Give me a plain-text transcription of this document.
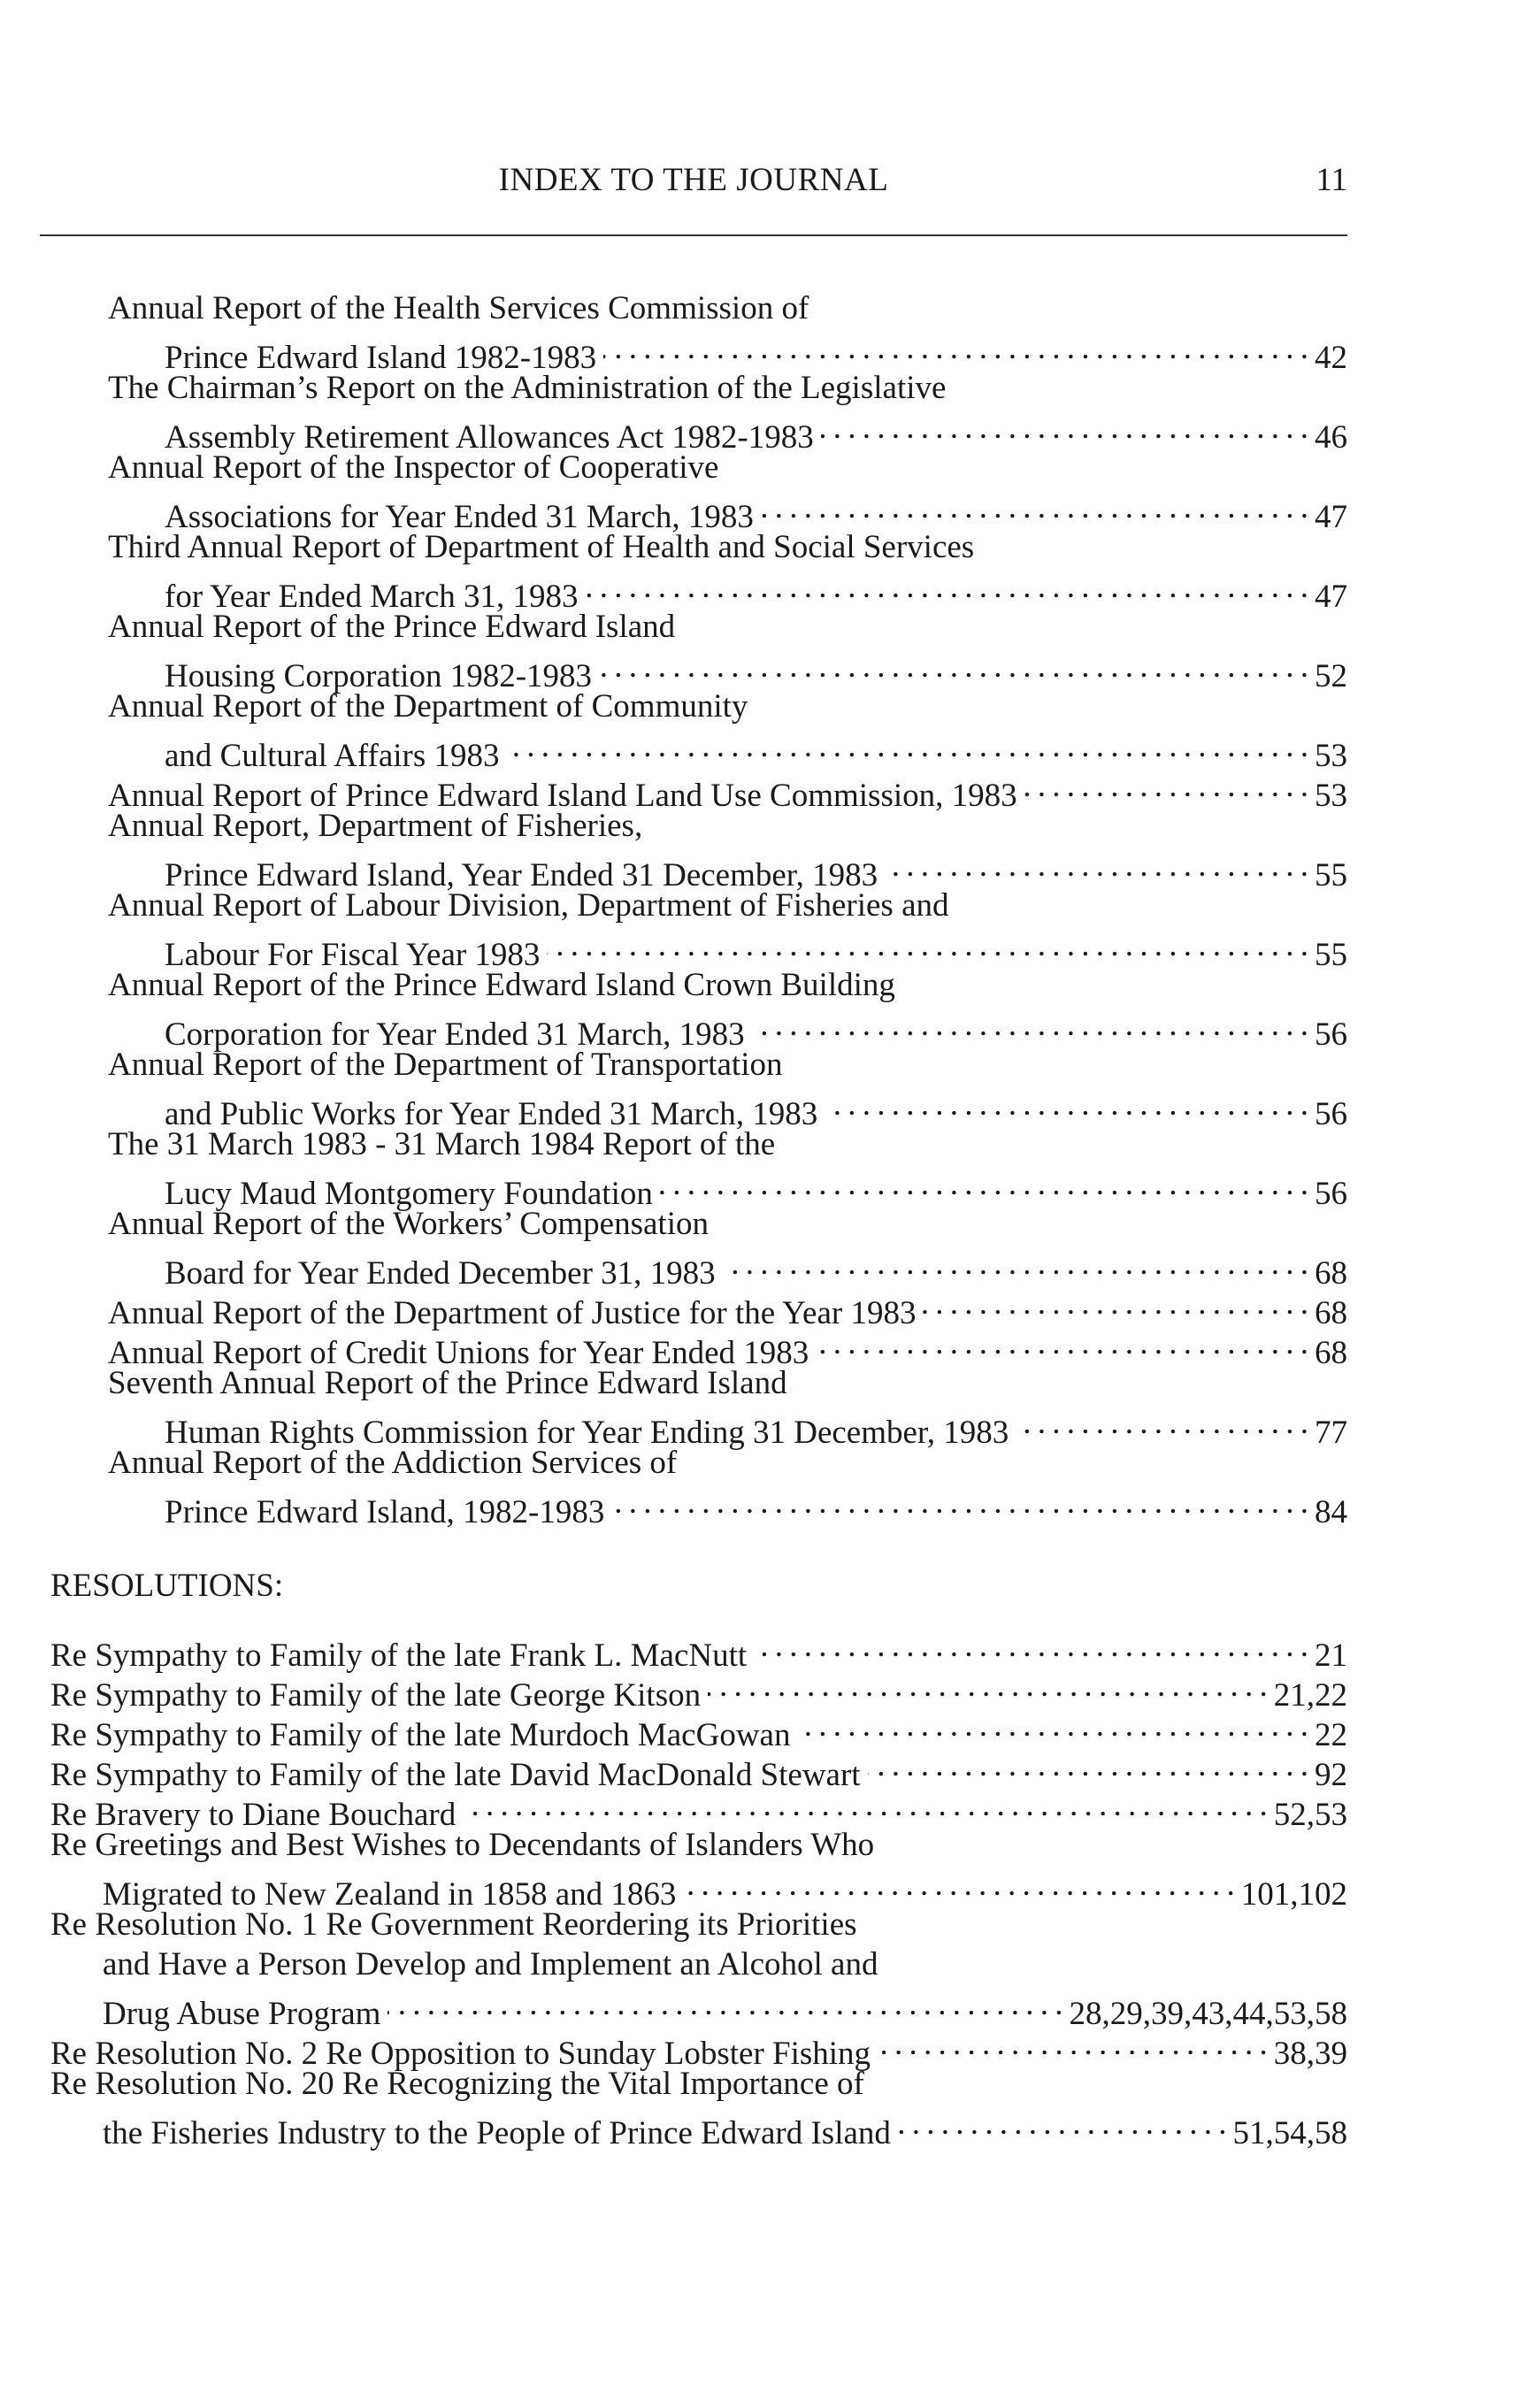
INDEX TO THE JOURNAL	11
Annual Report of the Health Services Commission of
Prince Edward Island 1982-1983 . . .	42
The Chairman’s Report on the Administration of the Legislative
Assembly Retirement Allowances Act 1982-1983 . . .	46
Annual Report of the Inspector of Cooperative
Associations for Year Ended 31 March, 1983 . . .	47
Third Annual Report of Department of Health and Social Services
for Year Ended March 31, 1983 . . .	47
Annual Report of the Prince Edward Island
Housing Corporation 1982-1983 . . .	52
Annual Report of the Department of Community
and Cultural Affairs 1983 . . .	53
Annual Report of Prince Edward Island Land Use Commission, 1983 . . .	53
Annual Report, Department of Fisheries,
Prince Edward Island, Year Ended 31 December, 1983 . . .	55
Annual Report of Labour Division, Department of Fisheries and
Labour For Fiscal Year 1983 . . .	55
Annual Report of the Prince Edward Island Crown Building
Corporation for Year Ended 31 March, 1983 . . .	56
Annual Report of the Department of Transportation
and Public Works for Year Ended 31 March, 1983 . . .	56
The 31 March 1983 - 31 March 1984 Report of the
Lucy Maud Montgomery Foundation . . .	56
Annual Report of the Workers’ Compensation
Board for Year Ended December 31, 1983 . . .	68
Annual Report of the Department of Justice for the Year 1983 . . .	68
Annual Report of Credit Unions for Year Ended 1983 . . .	68
Seventh Annual Report of the Prince Edward Island
Human Rights Commission for Year Ending 31 December, 1983 . . .	77
Annual Report of the Addiction Services of
Prince Edward Island, 1982-1983 . . .	84
RESOLUTIONS:
Re Sympathy to Family of the late Frank L. MacNutt . . .	21
Re Sympathy to Family of the late George Kitson . . .	21,22
Re Sympathy to Family of the late Murdoch MacGowan . . .	22
Re Sympathy to Family of the late David MacDonald Stewart . . .	92
Re Bravery to Diane Bouchard . . .	52,53
Re Greetings and Best Wishes to Decendants of Islanders Who
Migrated to New Zealand in 1858 and 1863 . . .	101,102
Re Resolution No. 1 Re Government Reordering its Priorities
and Have a Person Develop and Implement an Alcohol and
Drug Abuse Program . . .	28,29,39,43,44,53,58
Re Resolution No. 2 Re Opposition to Sunday Lobster Fishing . . .	38,39
Re Resolution No. 20 Re Recognizing the Vital Importance of
the Fisheries Industry to the People of Prince Edward Island . . .	51,54,58
